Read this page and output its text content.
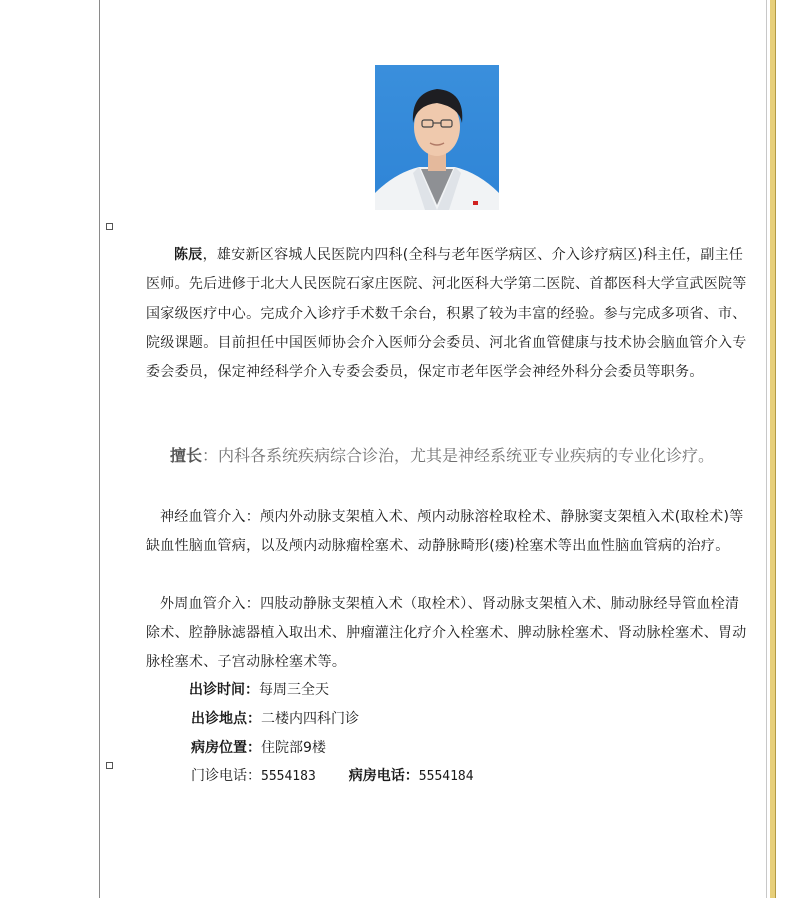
陈辰，雄安新区容城人民医院内四科(全科与老年医学病区、介入诊疗病区)科主任，副主任医师。先后进修于北大人民医院石家庄医院、河北医科大学第二医院、首都医科大学宣武医院等国家级医疗中心。完成介入诊疗手术数千余台，积累了较为丰富的经验。参与完成多项省、市、院级课题。目前担任中国医师协会介入医师分会委员、河北省血管健康与技术协会脑血管介入专委会委员，保定神经科学介入专委会委员，保定市老年医学会神经外科分会委员等职务。
擅长：内科各系统疾病综合诊治，尤其是神经系统亚专业疾病的专业化诊疗。
神经血管介入：颅内外动脉支架植入术、颅内动脉溶栓取栓术、静脉窦支架植入术(取栓术)等缺血性脑血管病，以及颅内动脉瘤栓塞术、动静脉畸形(瘘)栓塞术等出血性脑血管病的治疗。
外周血管介入：四肢动静脉支架植入术（取栓术）、肾动脉支架植入术、肺动脉经导管血栓清除术、腔静脉滤器植入取出术、肿瘤灌注化疗介入栓塞术、脾动脉栓塞术、肾动脉栓塞术、胃动脉栓塞术、子宫动脉栓塞术等。
出诊时间：每周三全天
出诊地点：二楼内四科门诊
病房位置：住院部9楼
门诊电话：5554183 病房电话：5554184
